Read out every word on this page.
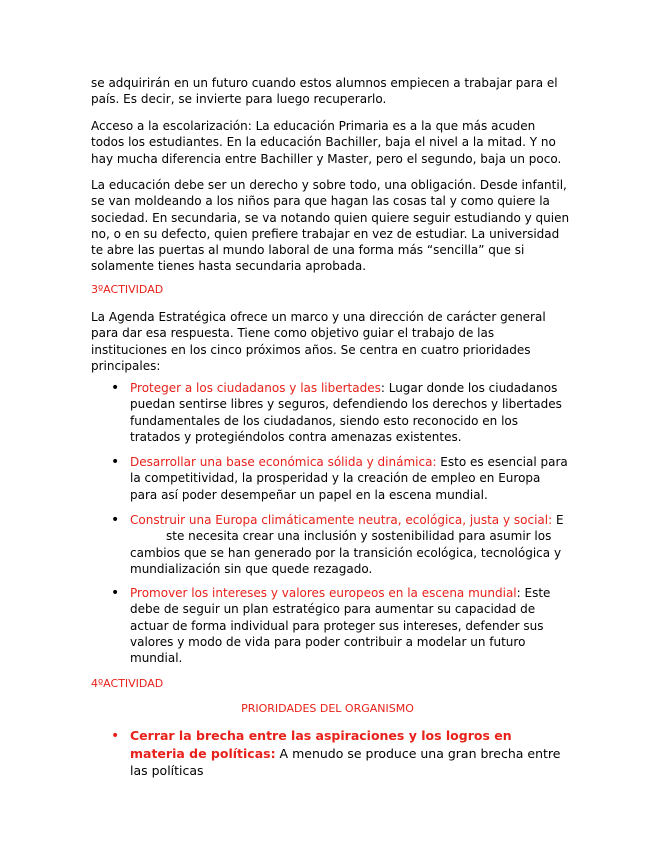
se adquirirán en un futuro cuando estos alumnos empiecen a trabajar para el país. Es decir, se invierte para luego recuperarlo.

Acceso a la escolarización: La educación Primaria es a la que más acuden todos los estudiantes. En la educación Bachiller, baja el nivel a la mitad. Y no hay mucha diferencia entre Bachiller y Master, pero el segundo, baja un poco.

La educación debe ser un derecho y sobre todo, una obligación. Desde infantil, se van moldeando a los niños para que hagan las cosas tal y como quiere la sociedad. En secundaria, se va notando quien quiere seguir estudiando y quien no, o en su defecto, quien prefiere trabajar en vez de estudiar. La universidad te abre las puertas al mundo laboral de una forma más “sencilla” que si solamente tienes hasta secundaria aprobada.

3ºACTIVIDAD

La Agenda Estratégica ofrece un marco y una dirección de carácter general para dar esa respuesta. Tiene como objetivo guiar el trabajo de las instituciones en los cinco próximos años. Se centra en cuatro prioridades principales:

• Proteger a los ciudadanos y las libertades: Lugar donde los ciudadanos puedan sentirse libres y seguros, defendiendo los derechos y libertades fundamentales de los ciudadanos, siendo esto reconocido en los tratados y protegiéndolos contra amenazas existentes.

• Desarrollar una base económica sólida y dinámica: Esto es esencial para la competitividad, la prosperidad y la creación de empleo en Europa para así poder desempeñar un papel en la escena mundial.

• Construir una Europa climáticamente neutra, ecológica, justa y social: E
ste necesita crear una inclusión y sostenibilidad para asumir los cambios que se han generado por la transición ecológica, tecnológica y mundialización sin que quede rezagado.

• Promover los intereses y valores europeos en la escena mundial: Este debe de seguir un plan estratégico para aumentar su capacidad de actuar de forma individual para proteger sus intereses, defender sus valores y modo de vida para poder contribuir a modelar un futuro mundial.

4ºACTIVIDAD
PRIORIDADES DEL ORGANISMO
• Cerrar la brecha entre las aspiraciones y los logros en materia de políticas: A menudo se produce una gran brecha entre las políticas
